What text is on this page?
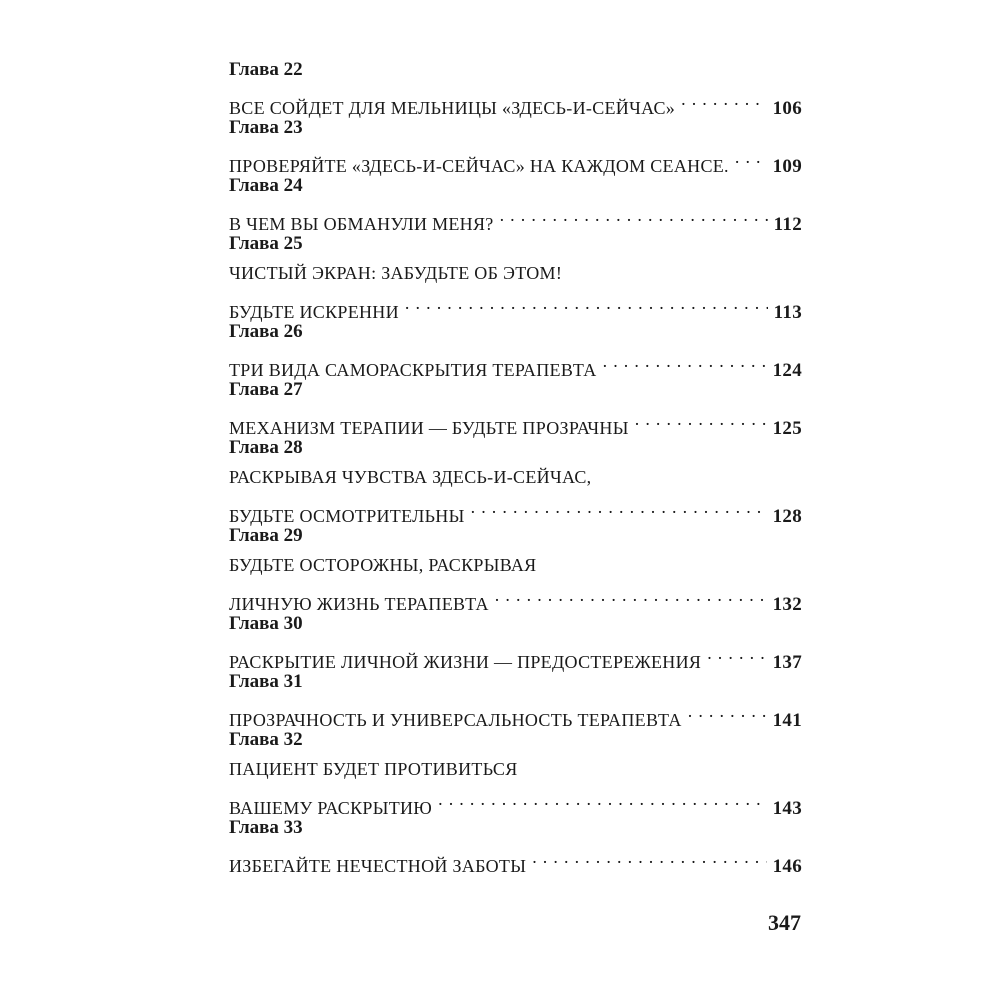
Глава 22
ВСЕ СОЙДЕТ ДЛЯ МЕЛЬНИЦЫ «ЗДЕСЬ-И-СЕЙЧАС» . . .	106
Глава 23
ПРОВЕРЯЙТЕ «ЗДЕСЬ-И-СЕЙЧАС» НА КАЖДОМ СЕАНСЕ. . . . 109
Глава 24
В ЧЕМ ВЫ ОБМАНУЛИ МЕНЯ? . . .	112
Глава 25
ЧИСТЫЙ ЭКРАН: ЗАБУДЬТЕ ОБ ЭТОМ!
БУДЬТЕ ИСКРЕННИ . . .	113
Глава 26
ТРИ ВИДА САМОРАСКРЫТИЯ ТЕРАПЕВТА . . .	124
Глава 27
МЕХАНИЗМ ТЕРАПИИ — БУДЬТЕ ПРОЗРАЧНЫ . . .	125
Глава 28
РАСКРЫВАЯ ЧУВСТВА ЗДЕСЬ-И-СЕЙЧАС,
БУДЬТЕ ОСМОТРИТЕЛЬНЫ . . .	128
Глава 29
БУДЬТЕ ОСТОРОЖНЫ, РАСКРЫВАЯ
ЛИЧНУЮ ЖИЗНЬ ТЕРАПЕВТА . . .	132
Глава 30
РАСКРЫТИЕ ЛИЧНОЙ ЖИЗНИ — ПРЕДОСТЕРЕЖЕНИЯ . . .	137
Глава 31
ПРОЗРАЧНОСТЬ И УНИВЕРСАЛЬНОСТЬ ТЕРАПЕВТА . . .	141
Глава 32
ПАЦИЕНТ БУДЕТ ПРОТИВИТЬСЯ
ВАШЕМУ РАСКРЫТИЮ . . .	143
Глава 33
ИЗБЕГАЙТЕ НЕЧЕСТНОЙ ЗАБОТЫ . . .	146
347
